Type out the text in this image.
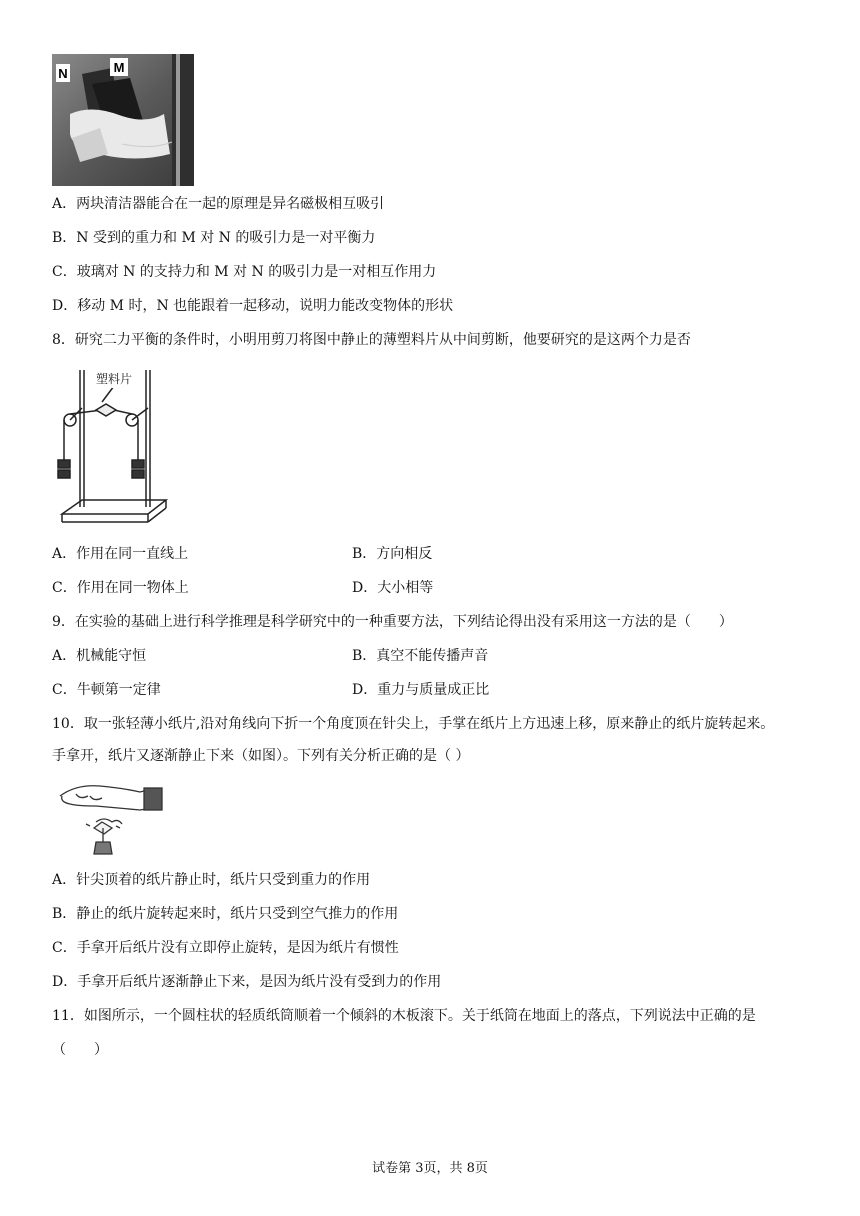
N	M
A．两块清洁器能合在一起的原理是异名磁极相互吸引
B．N 受到的重力和 M 对 N 的吸引力是一对平衡力
C．玻璃对 N 的支持力和 M 对 N 的吸引力是一对相互作用力
D．移动 M 时，N 也能跟着一起移动，说明力能改变物体的形状
8．研究二力平衡的条件时，小明用剪刀将图中静止的薄塑料片从中间剪断，他要研究的是这两个力是否
塑料片
A．作用在同一直线上	B．方向相反
C．作用在同一物体上	D．大小相等
9．在实验的基础上进行科学推理是科学研究中的一种重要方法，下列结论得出没有采用这一方法的是（　　）
A．机械能守恒	B．真空不能传播声音
C．牛顿第一定律	D．重力与质量成正比
10．取一张轻薄小纸片,沿对角线向下折一个角度顶在针尖上，手掌在纸片上方迅速上移，原来静止的纸片旋转起来。
手拿开，纸片又逐渐静止下来（如图）。下列有关分析正确的是（ ）
A．针尖顶着的纸片静止时，纸片只受到重力的作用
B．静止的纸片旋转起来时，纸片只受到空气推力的作用
C．手拿开后纸片没有立即停止旋转，是因为纸片有惯性
D．手拿开后纸片逐渐静止下来，是因为纸片没有受到力的作用
11．如图所示，一个圆柱状的轻质纸筒顺着一个倾斜的木板滚下。关于纸筒在地面上的落点，下列说法中正确的是
（　　）
试卷第 3页，共 8页
